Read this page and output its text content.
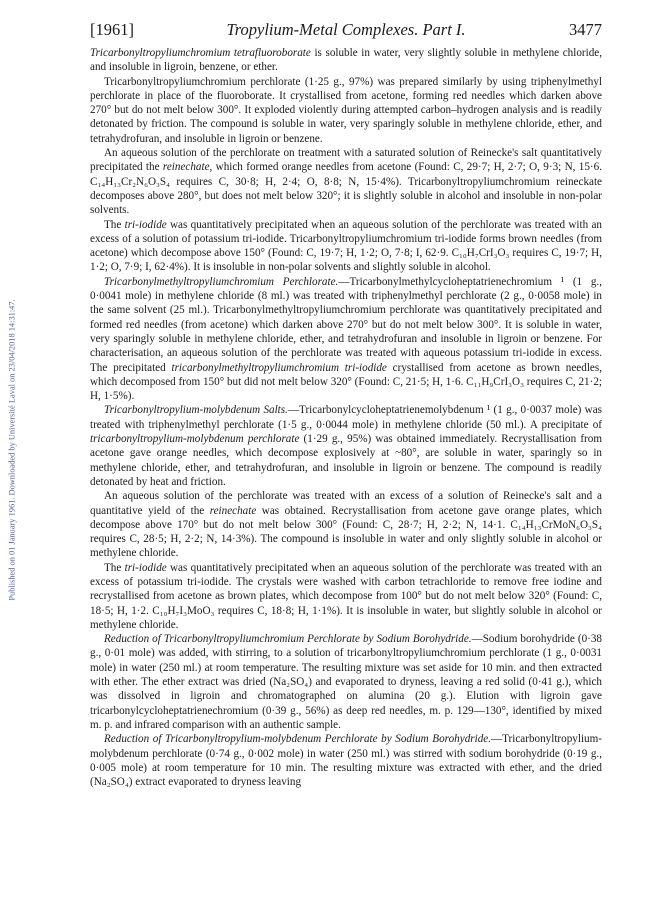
[1961]	Tropylium-Metal Complexes. Part I.	3477
Published on 01 January 1961. Downloaded by Université Laval on 23/04/2018 14:31:47.

Tricarbonyltropyliumchromium tetrafluoroborate is soluble in water, very slightly soluble in methylene chloride, and insoluble in ligroin, benzene, or ether.

Tricarbonyltropyliumchromium perchlorate (1·25 g., 97%) was prepared similarly by using triphenylmethyl perchlorate in place of the fluoroborate. It crystallised from acetone, forming red needles which darken above 270° but do not melt below 300°. It exploded violently during attempted carbon–hydrogen analysis and is readily detonated by friction. The compound is soluble in water, very sparingly soluble in methylene chloride, ether, and tetrahydrofuran, and insoluble in ligroin or benzene.

An aqueous solution of the perchlorate on treatment with a saturated solution of Reinecke's salt quantitatively precipitated the reinechate, which formed orange needles from acetone (Found: C, 29·7; H, 2·7; O, 9·3; N, 15·6. C₁₄H₁₃Cr₂N₆O₃S₄ requires C, 30·8; H, 2·4; O, 8·8; N, 15·4%). Tricarbonyltropyliumchromium reineckate decomposes above 280°, but does not melt below 320°; it is slightly soluble in alcohol and insoluble in non-polar solvents.

The tri-iodide was quantitatively precipitated when an aqueous solution of the perchlorate was treated with an excess of a solution of potassium tri-iodide. Tricarbonyltropyliumchromium tri-iodide forms brown needles (from acetone) which decompose above 150° (Found: C, 19·7; H, 1·2; O, 7·8; I, 62·9. C₁₀H₇CrI₃O₃ requires C, 19·7; H, 1·2; O, 7·9; I, 62·4%). It is insoluble in non-polar solvents and slightly soluble in alcohol.

Tricarbonylmethyltropyliumchromium Perchlorate.—Tricarbonylmethylcycloheptatrienechromium ¹ (1 g., 0·0041 mole) in methylene chloride (8 ml.) was treated with triphenylmethyl perchlorate (2 g., 0·0058 mole) in the same solvent (25 ml.). Tricarbonylmethyltropyliumchromium perchlorate was quantitatively precipitated and formed red needles (from acetone) which darken above 270° but do not melt below 300°. It is soluble in water, very sparingly soluble in methylene chloride, ether, and tetrahydrofuran and insoluble in ligroin or benzene. For characterisation, an aqueous solution of the perchlorate was treated with aqueous potassium tri-iodide in excess. The precipitated tricarbonylmethyltropyliumchromium tri-iodide crystallised from acetone as brown needles, which decomposed from 150° but did not melt below 320° (Found: C, 21·5; H, 1·6. C₁₁H₉CrI₃O₃ requires C, 21·2; H, 1·5%).

Tricarbonyltropylium-molybdenum Salts.—Tricarbonylcycloheptatrienemolybdenum ¹ (1 g., 0·0037 mole) was treated with triphenylmethyl perchlorate (1·5 g., 0·0044 mole) in methylene chloride (50 ml.). A precipitate of tricarbonyltropylium-molybdenum perchlorate (1·29 g., 95%) was obtained immediately. Recrystallisation from acetone gave orange needles, which decompose explosively at ~80°, are soluble in water, sparingly so in methylene chloride, ether, and tetrahydrofuran, and insoluble in ligroin or benzene. The compound is readily detonated by heat and friction.

An aqueous solution of the perchlorate was treated with an excess of a solution of Reinecke's salt and a quantitative yield of the reinechate was obtained. Recrystallisation from acetone gave orange plates, which decompose above 170° but do not melt below 300° (Found: C, 28·7; H, 2·2; N, 14·1. C₁₄H₁₃CrMoN₆O₃S₄ requires C, 28·5; H, 2·2; N, 14·3%). The compound is insoluble in water and only slightly soluble in alcohol or methylene chloride.

The tri-iodide was quantitatively precipitated when an aqueous solution of the perchlorate was treated with an excess of potassium tri-iodide. The crystals were washed with carbon tetrachloride to remove free iodine and recrystallised from acetone as brown plates, which decompose from 100° but do not melt below 320° (Found: C, 18·5; H, 1·2. C₁₀H₇I₃MoO₃ requires C, 18·8; H, 1·1%). It is insoluble in water, but slightly soluble in alcohol or methylene chloride.

Reduction of Tricarbonyltropyliumchromium Perchlorate by Sodium Borohydride.—Sodium borohydride (0·38 g., 0·01 mole) was added, with stirring, to a solution of tricarbonyltropyliumchromium perchlorate (1 g., 0·0031 mole) in water (250 ml.) at room temperature. The resulting mixture was set aside for 10 min. and then extracted with ether. The ether extract was dried (Na₂SO₄) and evaporated to dryness, leaving a red solid (0·41 g.), which was dissolved in ligroin and chromatographed on alumina (20 g.). Elution with ligroin gave tricarbonylcycloheptatrienechromium (0·39 g., 56%) as deep red needles, m. p. 129—130°, identified by mixed m. p. and infrared comparison with an authentic sample.

Reduction of Tricarbonyltropylium-molybdenum Perchlorate by Sodium Borohydride.—Tricarbonyltropylium-molybdenum perchlorate (0·74 g., 0·002 mole) in water (250 ml.) was stirred with sodium borohydride (0·19 g., 0·005 mole) at room temperature for 10 min. The resulting mixture was extracted with ether, and the dried (Na₂SO₄) extract evaporated to dryness leaving
